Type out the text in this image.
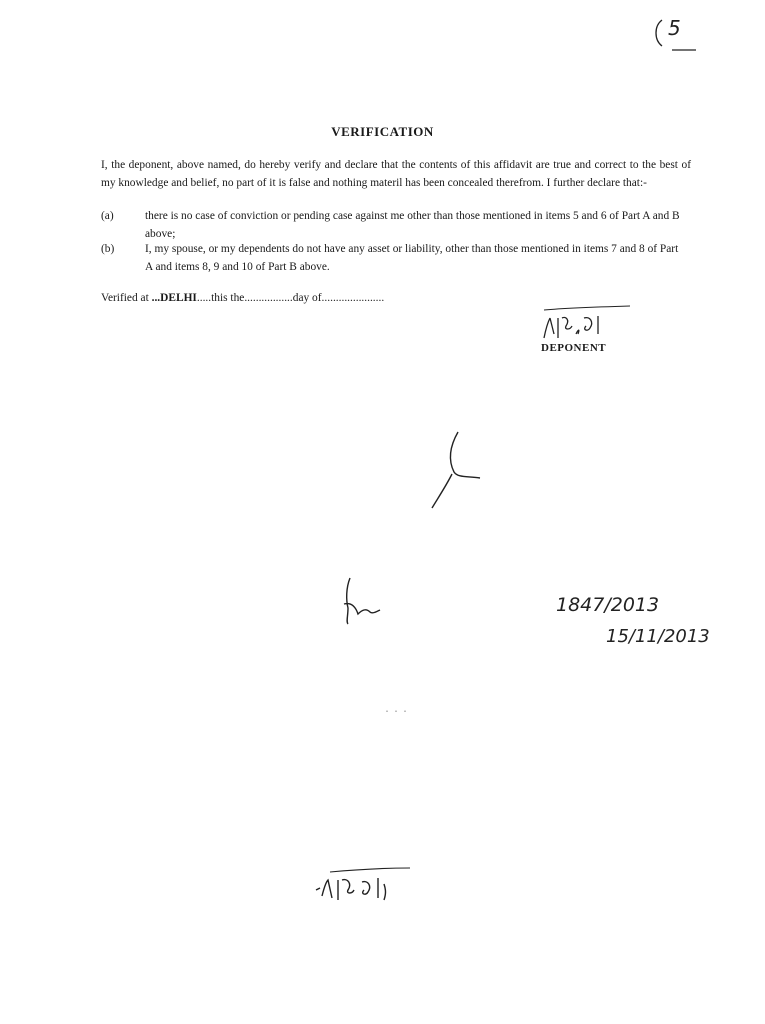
5
VERIFICATION
I, the deponent, above named, do hereby verify and declare that the contents of this affidavit are true and correct to the best of my knowledge and belief, no part of it is false and nothing materil has been concealed therefrom. I further declare that:-
(a)	there is no case of conviction or pending case against me other than those mentioned in items 5 and 6 of Part A and B above;
(b)	I, my spouse, or my dependents do not have any asset or liability, other than those mentioned in items 7 and 8 of Part A and items 8, 9 and 10 of Part B above.
Verified at ...DELHI.....this the.................day of......................
DEPONENT
1847/2013
15/11/2013
...
